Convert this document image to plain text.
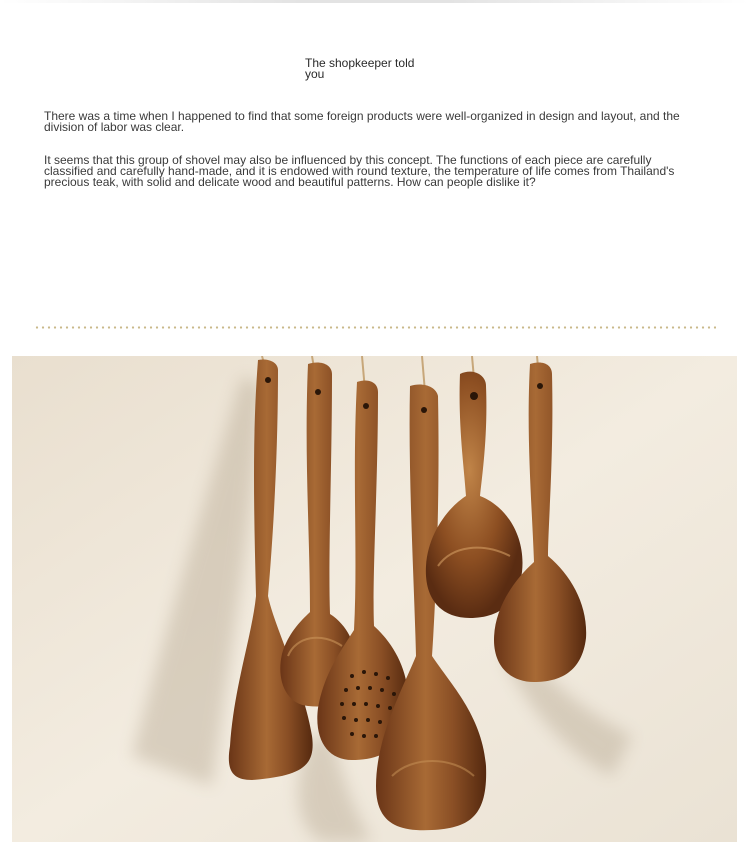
The shopkeeper told you
There was a time when I happened to find that some foreign products were well-organized in design and layout, and the division of labor was clear.
It seems that this group of shovel may also be influenced by this concept. The functions of each piece are carefully classified and carefully hand-made, and it is endowed with round texture, the temperature of life comes from Thailand's precious teak, with solid and delicate wood and beautiful patterns. How can people dislike it?
